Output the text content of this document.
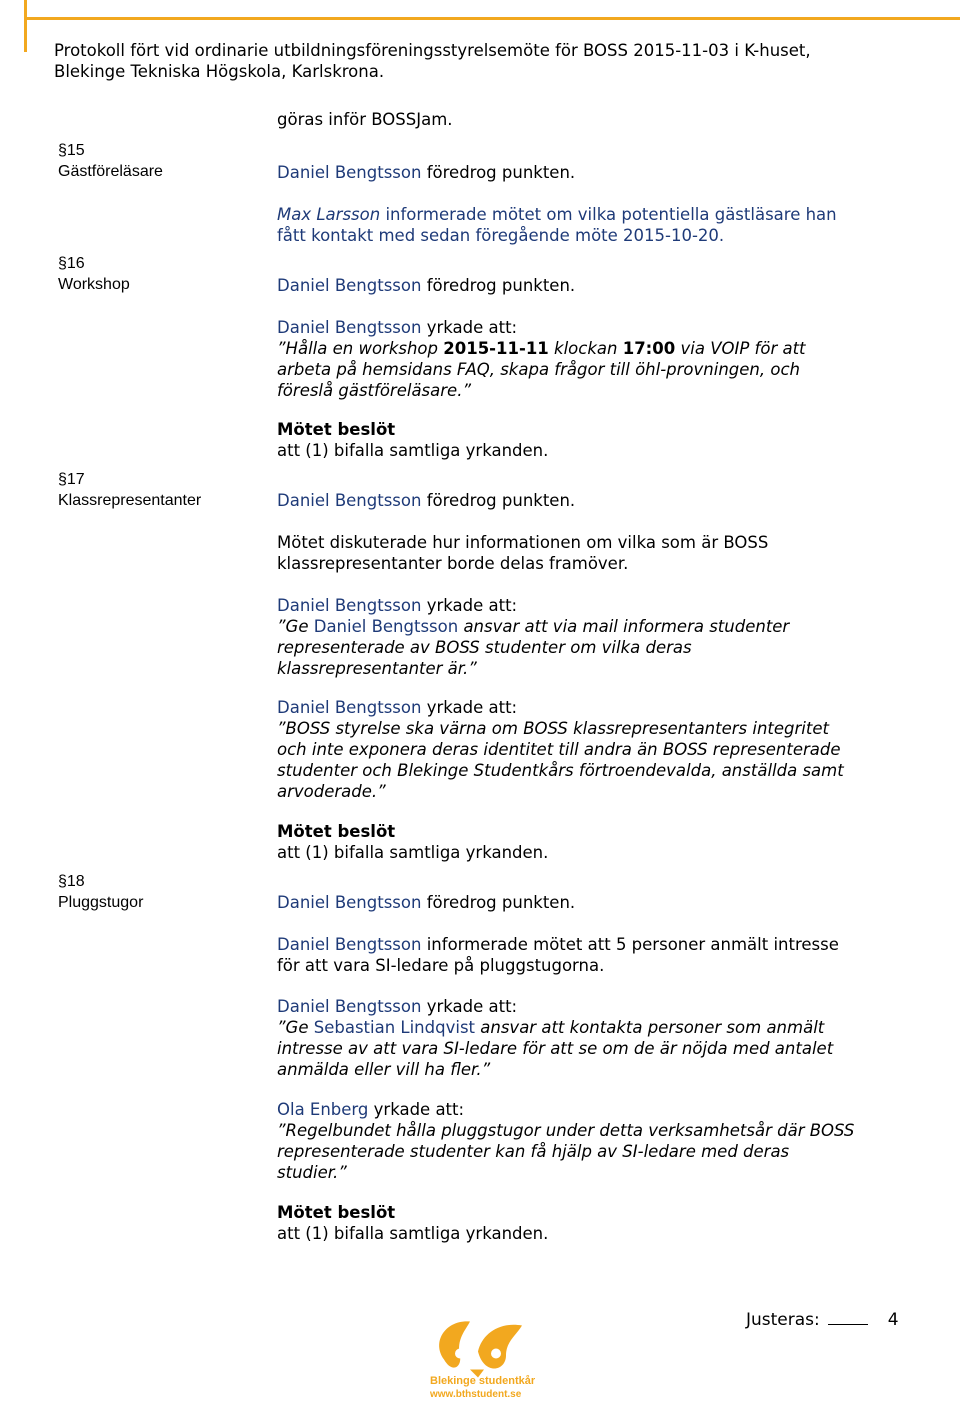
Protokoll fört vid ordinarie utbildningsföreningsstyrelsemöte för BOSS 2015-11-03 i K-huset,
Blekinge Tekniska Högskola, Karlskrona.
§15
Gästföreläsare
§16
Workshop
§17
Klassrepresentanter
§18
Pluggstugor

göras inför BOSSJam.

Daniel Bengtsson föredrog punkten.

Max Larsson informerade mötet om vilka potentiella gästläsare han
fått kontakt med sedan föregående möte 2015-10-20.

Daniel Bengtsson föredrog punkten.

Daniel Bengtsson yrkade att:
”Hålla en workshop 2015-11-11 klockan 17:00 via VOIP för att
arbeta på hemsidans FAQ, skapa frågor till öhl-provningen, och
föreslå gästföreläsare.”

Mötet beslöt
att (1) bifalla samtliga yrkanden.

Daniel Bengtsson föredrog punkten.

Mötet diskuterade hur informationen om vilka som är BOSS
klassrepresentanter borde delas framöver.

Daniel Bengtsson yrkade att:
”Ge Daniel Bengtsson ansvar att via mail informera studenter
representerade av BOSS studenter om vilka deras
klassrepresentanter är.”

Daniel Bengtsson yrkade att:
”BOSS styrelse ska värna om BOSS klassrepresentanters integritet
och inte exponera deras identitet till andra än BOSS representerade
studenter och Blekinge Studentkårs förtroendevalda, anställda samt
arvoderade.”

Mötet beslöt
att (1) bifalla samtliga yrkanden.

Daniel Bengtsson föredrog punkten.

Daniel Bengtsson informerade mötet att 5 personer anmält intresse
för att vara SI-ledare på pluggstugorna.

Daniel Bengtsson yrkade att:
”Ge Sebastian Lindqvist ansvar att kontakta personer som anmält
intresse av att vara SI-ledare för att se om de är nöjda med antalet
anmälda eller vill ha fler.”

Ola Enberg yrkade att:
”Regelbundet hålla pluggstugor under detta verksamhetsår där BOSS
representerade studenter kan få hjälp av SI-ledare med deras
studier.”

Mötet beslöt
att (1) bifalla samtliga yrkanden.

Blekinge studentkår
www.bthstudent.se
Justeras:	4
